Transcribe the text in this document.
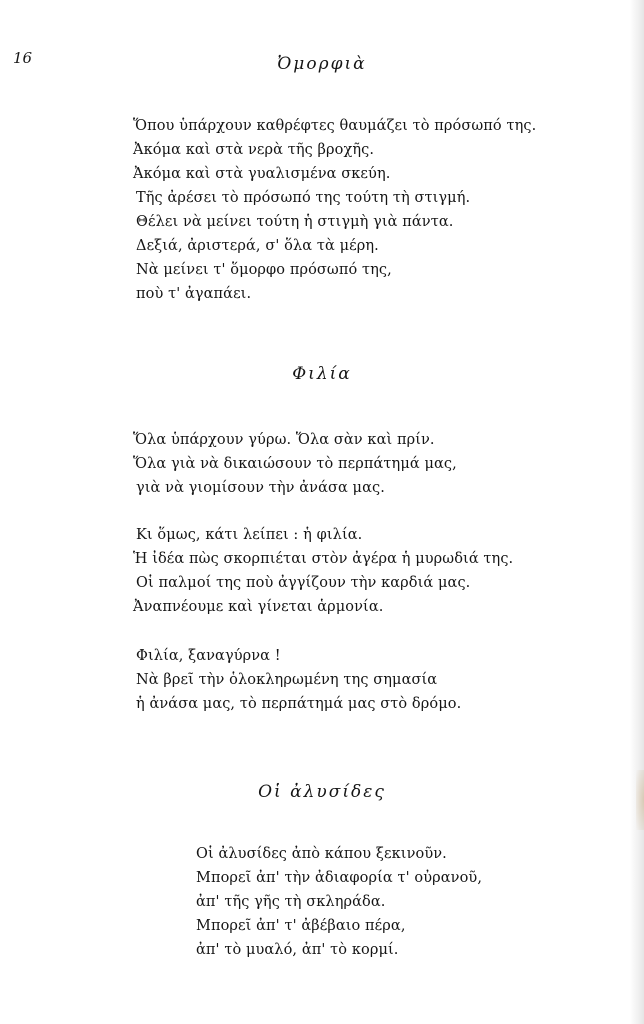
16	Ὀμορφιὰ
Ὅπου ὑπάρχουν καθρέφτες θαυμάζει τὸ πρόσωπό της.
Ἀκόμα καὶ στὰ νερὰ τῆς βροχῆς.
Ἀκόμα καὶ στὰ γυαλισμένα σκεύη.
Τῆς ἀρέσει τὸ πρόσωπό της τούτη τὴ στιγμή.
Θέλει νὰ μείνει τούτη ἡ στιγμὴ γιὰ πάντα.
Δεξιά, ἀριστερά, σ' ὅλα τὰ μέρη.
Νὰ μείνει τ' ὅμορφο πρόσωπό της,
ποὺ τ' ἀγαπάει.
Φιλία
Ὅλα ὑπάρχουν γύρω. Ὅλα σὰν καὶ πρίν.
Ὅλα γιὰ νὰ δικαιώσουν τὸ περπάτημά μας,
γιὰ νὰ γιομίσουν τὴν ἀνάσα μας.
Κι ὅμως, κάτι λείπει : ἡ φιλία.
Ἡ ἰδέα πὼς σκορπιέται στὸν ἀγέρα ἡ μυρωδιά της.
Οἱ παλμοί της ποὺ ἀγγίζουν τὴν καρδιά μας.
Ἀναπνέουμε καὶ γίνεται ἁρμονία.
Φιλία, ξαναγύρνα !
Νὰ βρεῖ τὴν ὁλοκληρωμένη της σημασία
ἡ ἀνάσα μας, τὸ περπάτημά μας στὸ δρόμο.
Οἱ ἀλυσίδες
Οἱ ἀλυσίδες ἀπὸ κάπου ξεκινοῦν.
Μπορεῖ ἀπ' τὴν ἀδιαφορία τ' οὐρανοῦ,
ἀπ' τῆς γῆς τὴ σκληράδα.
Μπορεῖ ἀπ' τ' ἀβέβαιο πέρα,
ἀπ' τὸ μυαλό, ἀπ' τὸ κορμί.
